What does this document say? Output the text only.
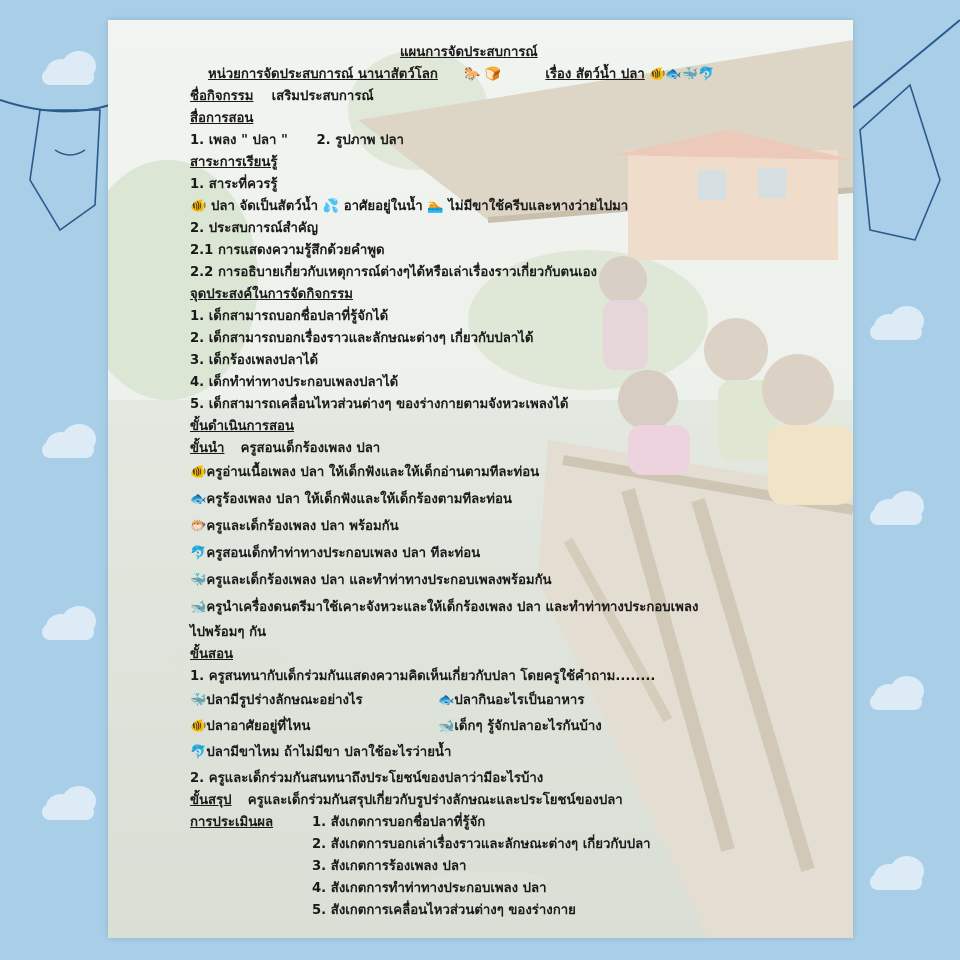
แผนการจัดประสบการณ์
หน่วยการจัดประสบการณ์ นานาสัตว์โลก 🐎 🍞	เรื่อง สัตว์น้ำ ปลา 🐠🐟🐳🐬
ชื่อกิจกรรม เสริมประสบการณ์
สื่อการสอน
1. เพลง " ปลา " 2. รูปภาพ ปลา
สาระการเรียนรู้
1. สาระที่ควรรู้
🐠 ปลา จัดเป็นสัตว์น้ำ 💦 อาศัยอยู่ในน้ำ 🏊 ไม่มีขาใช้ครีบและหางว่ายไปมา
2. ประสบการณ์สำคัญ
2.1 การแสดงความรู้สึกด้วยคำพูด
2.2 การอธิบายเกี่ยวกับเหตุการณ์ต่างๆได้หรือเล่าเรื่องราวเกี่ยวกับตนเอง
จุดประสงค์ในการจัดกิจกรรม
1. เด็กสามารถบอกชื่อปลาที่รู้จักได้
2. เด็กสามารถบอกเรื่องราวและลักษณะต่างๆ เกี่ยวกับปลาได้
3. เด็กร้องเพลงปลาได้
4. เด็กทำท่าทางประกอบเพลงปลาได้
5. เด็กสามารถเคลื่อนไหวส่วนต่างๆ ของร่างกายตามจังหวะเพลงได้
ขั้นดำเนินการสอน
ขั้นนำ ครูสอนเด็กร้องเพลง ปลา
🐠ครูอ่านเนื้อเพลง ปลา ให้เด็กฟังและให้เด็กอ่านตามทีละท่อน
🐟ครูร้องเพลง ปลา ให้เด็กฟังและให้เด็กร้องตามทีละท่อน
🐡ครูและเด็กร้องเพลง ปลา พร้อมกัน
🐬ครูสอนเด็กทำท่าทางประกอบเพลง ปลา ทีละท่อน
🐳ครูและเด็กร้องเพลง ปลา และทำท่าทางประกอบเพลงพร้อมกัน
🐋ครูนำเครื่องดนตรีมาใช้เคาะจังหวะและให้เด็กร้องเพลง ปลา และทำท่าทางประกอบเพลง
ไปพร้อมๆ กัน
ขั้นสอน
1. ครูสนทนากับเด็กร่วมกันแสดงความคิดเห็นเกี่ยวกับปลา โดยครูใช้คำถาม........
🐳ปลามีรูปร่างลักษณะอย่างไร	🐟ปลากินอะไรเป็นอาหาร
🐠ปลาอาศัยอยู่ที่ไหน	🐋เด็กๆ รู้จักปลาอะไรกันบ้าง
🐬ปลามีขาไหม ถ้าไม่มีขา ปลาใช้อะไรว่ายน้ำ
2. ครูและเด็กร่วมกันสนทนาถึงประโยชน์ของปลาว่ามีอะไรบ้าง
ขั้นสรุป ครูและเด็กร่วมกันสรุปเกี่ยวกับรูปร่างลักษณะและประโยชน์ของปลา
การประเมินผล	1. สังเกตการบอกชื่อปลาที่รู้จัก
2. สังเกตการบอกเล่าเรื่องราวและลักษณะต่างๆ เกี่ยวกับปลา
3. สังเกตการร้องเพลง ปลา
4. สังเกตการทำท่าทางประกอบเพลง ปลา
5. สังเกตการเคลื่อนไหวส่วนต่างๆ ของร่างกาย
